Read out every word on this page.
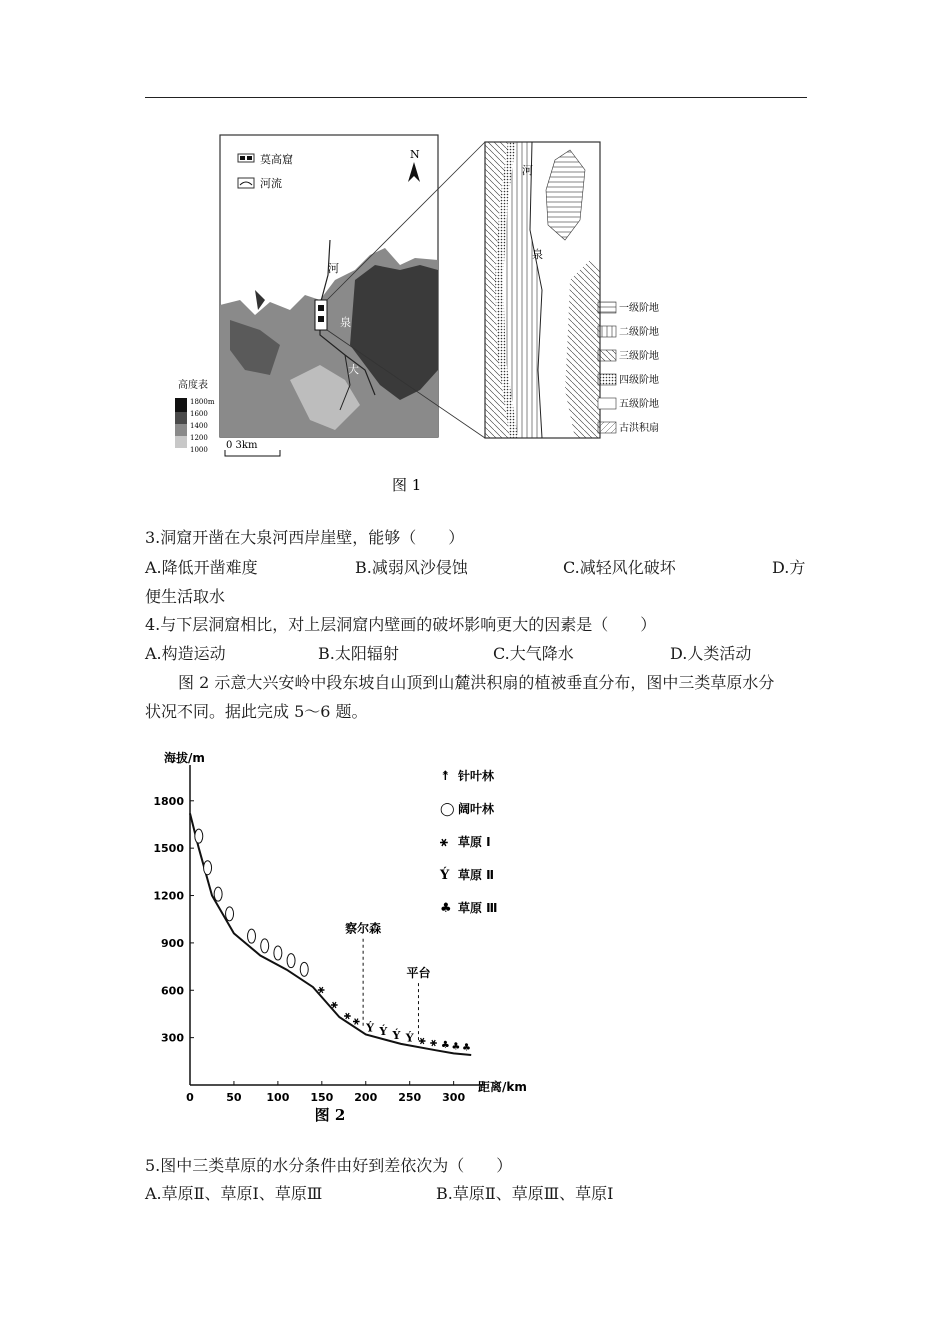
莫高窟
河流
N
河
泉
大
0 3km
高度表
1800m
1600
1400
1200
1000
河
泉
一级阶地
二级阶地
三级阶地
四级阶地
五级阶地
古洪积扇
图 1
3.洞窟开凿在大泉河西岸崖壁，能够（　　）
A.降低开凿难度	B.减弱风沙侵蚀	C.减轻风化破坏	D.方
便生活取水
4.与下层洞窟相比，对上层洞窟内壁画的破坏影响更大的因素是（　　）
A.构造运动	B.太阳辐射	C.大气降水	D.人类活动
图 2 示意大兴安岭中段东坡自山顶到山麓洪积扇的植被垂直分布，图中三类草原水分
状况不同。据此完成 5～6 题。
海拔/m
距离/km
300
600
900
1200
1500
1800
0	50 100 150 200 250 300
⚹
⚹
⚹ ⚹
Ý Ý Ý Ý ⚹ ⚹ ♣ ♣ ♣
察尔森
平台
↟ 针叶林
◯ 阔叶林
⚹ 草原 Ⅰ
Ý 草原 Ⅱ
♣ 草原 Ⅲ
图 2
5.图中三类草原的水分条件由好到差依次为（　　）
A.草原Ⅱ、草原Ⅰ、草原Ⅲ	B.草原Ⅱ、草原Ⅲ、草原Ⅰ
